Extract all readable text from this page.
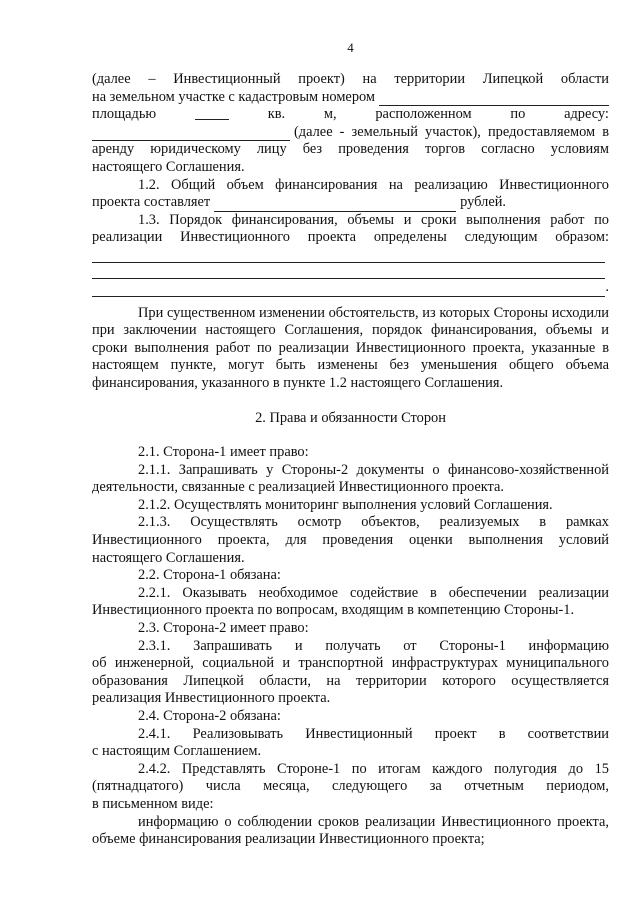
4

(далее – Инвестиционный проект) на территории Липецкой области

на земельном участке с кадастровым номером
площадью	кв.	м,	расположенном	по	адресу:
(далее - земельный участок), предоставляемом в

аренду юридическому лицу без проведения торгов согласно условиям

настоящего Соглашения.

1.2. Общий объем финансирования на реализацию Инвестиционного

проекта составляет	рублей.

1.3. Порядок финансирования, объемы и сроки выполнения работ по

реализации Инвестиционного проекта определены следующим образом:

.

При существенном изменении обстоятельств, из которых Стороны исходили при заключении настоящего Соглашения, порядок финансирования, объемы и сроки выполнения работ по реализации Инвестиционного проекта, указанные в настоящем пункте, могут быть изменены без уменьшения общего объема финансирования, указанного в пункте 1.2 настоящего Соглашения.

2. Права и обязанности Сторон

2.1. Сторона-1 имеет право:

2.1.1. Запрашивать у Стороны-2 документы о финансово-хозяйственной деятельности, связанные с реализацией Инвестиционного проекта.

2.1.2. Осуществлять мониторинг выполнения условий Соглашения.

2.1.3. Осуществлять осмотр объектов, реализуемых в рамках Инвестиционного проекта, для проведения оценки выполнения условий настоящего Соглашения.

2.2. Сторона-1 обязана:

2.2.1. Оказывать необходимое содействие в обеспечении реализации Инвестиционного проекта по вопросам, входящим в компетенцию Стороны-1.

2.3. Сторона-2 имеет право:

2.3.1. Запрашивать и получать от Стороны-1 информацию

об инженерной, социальной и транспортной инфраструктурах муниципального образования Липецкой области, на территории которого осуществляется реализация Инвестиционного проекта.

2.4. Сторона-2 обязана:

2.4.1. Реализовывать Инвестиционный проект в соответствии

с настоящим Соглашением.

2.4.2. Представлять Стороне-1 по итогам каждого полугодия до 15

(пятнадцатого) числа месяца, следующего за отчетным периодом,

в письменном виде:

информацию о соблюдении сроков реализации Инвестиционного проекта, объеме финансирования реализации Инвестиционного проекта;
